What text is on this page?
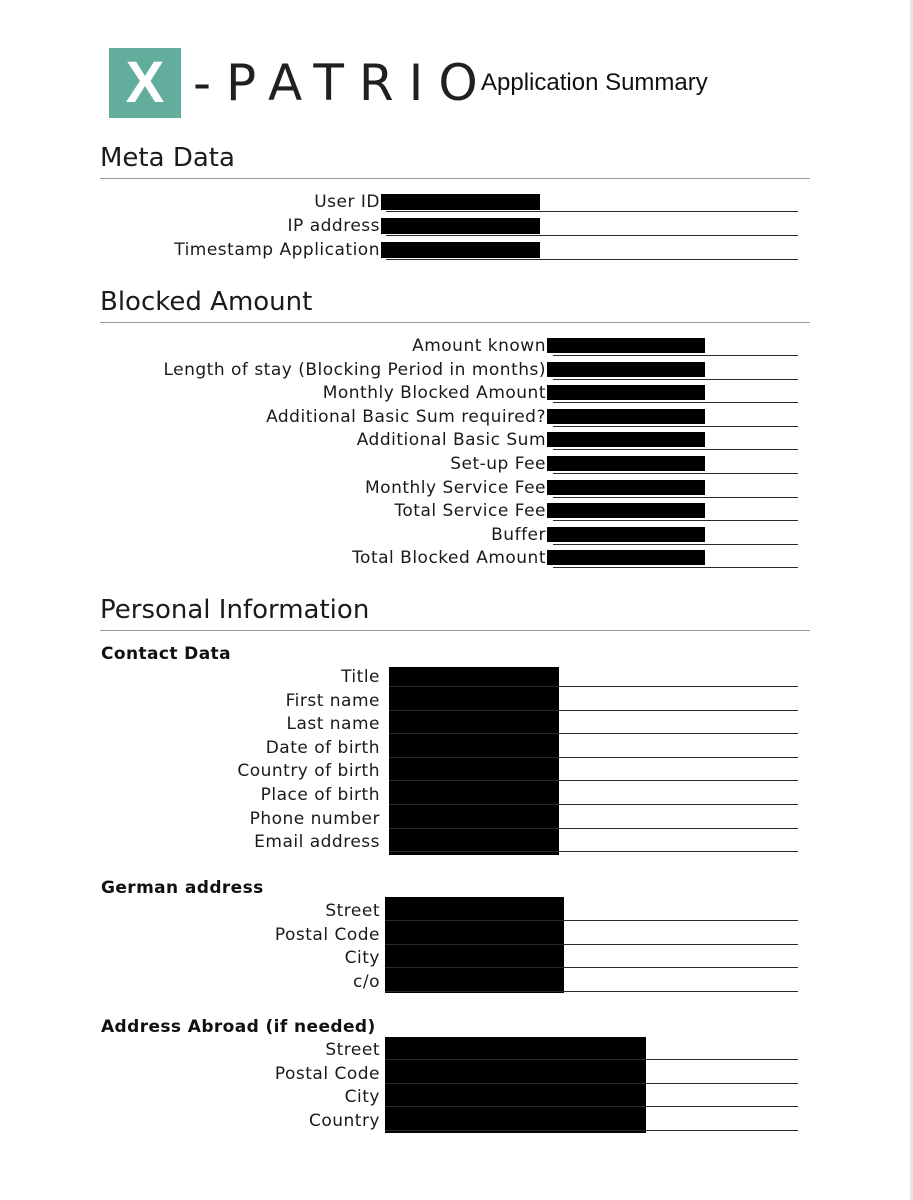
X -PATRIO
Application Summary
Meta Data
User ID
IP address
Timestamp Application
Blocked Amount
Amount known
Length of stay (Blocking Period in months)
Monthly Blocked Amount
Additional Basic Sum required?
Additional Basic Sum
Set-up Fee
Monthly Service Fee
Total Service Fee
Buffer
Total Blocked Amount
Personal Information
Contact Data
Title
First name
Last name
Date of birth
Country of birth
Place of birth
Phone number
Email address
German address
Street
Postal Code
City
c/o
Address Abroad (if needed)
Street
Postal Code
City
Country
